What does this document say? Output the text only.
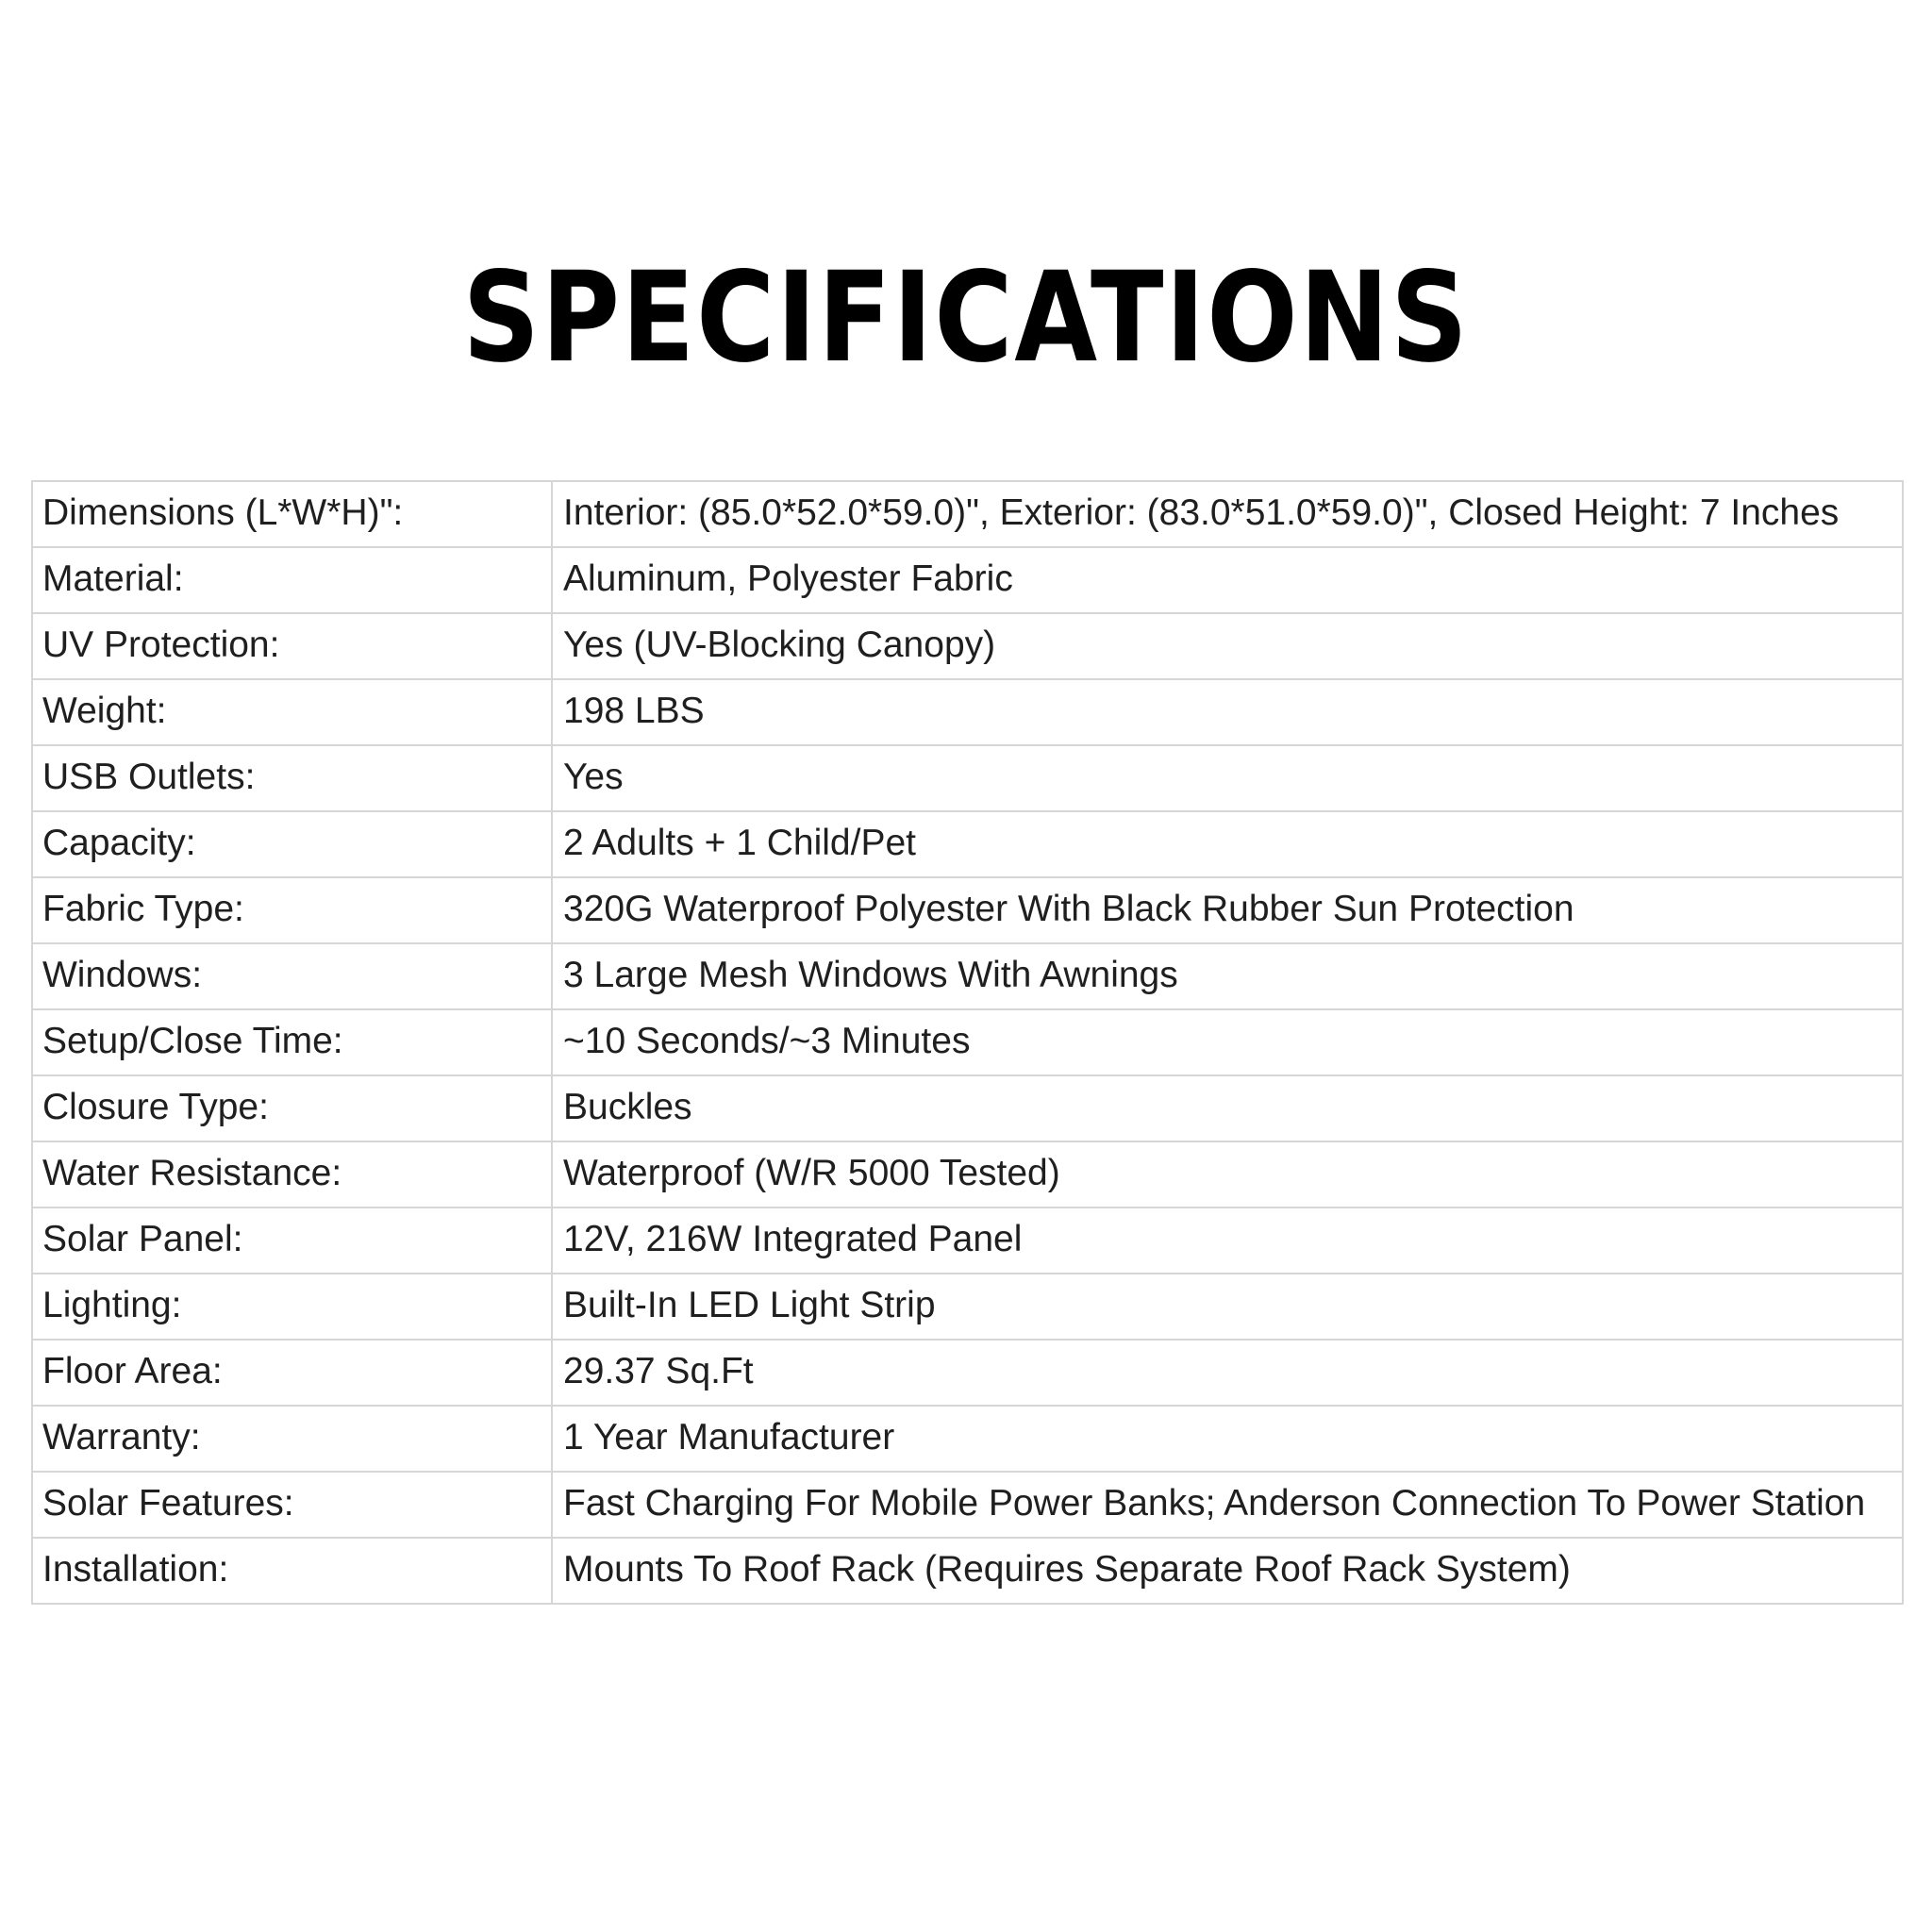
SPECIFICATIONS
Dimensions (L*W*H)":	Interior: (85.0*52.0*59.0)", Exterior: (83.0*51.0*59.0)", Closed Height: 7 Inches
Material:	Aluminum, Polyester Fabric
UV Protection:	Yes (UV-Blocking Canopy)
Weight:	198 LBS
USB Outlets:	Yes
Capacity:	2 Adults + 1 Child/Pet
Fabric Type:	320G Waterproof Polyester With Black Rubber Sun Protection
Windows:	3 Large Mesh Windows With Awnings
Setup/Close Time:	~10 Seconds/~3 Minutes
Closure Type:	Buckles
Water Resistance:	Waterproof (W/R 5000 Tested)
Solar Panel:	12V, 216W Integrated Panel
Lighting:	Built-In LED Light Strip
Floor Area:	29.37 Sq.Ft
Warranty:	1 Year Manufacturer
Solar Features:	Fast Charging For Mobile Power Banks; Anderson Connection To Power Station
Installation:	Mounts To Roof Rack (Requires Separate Roof Rack System)
